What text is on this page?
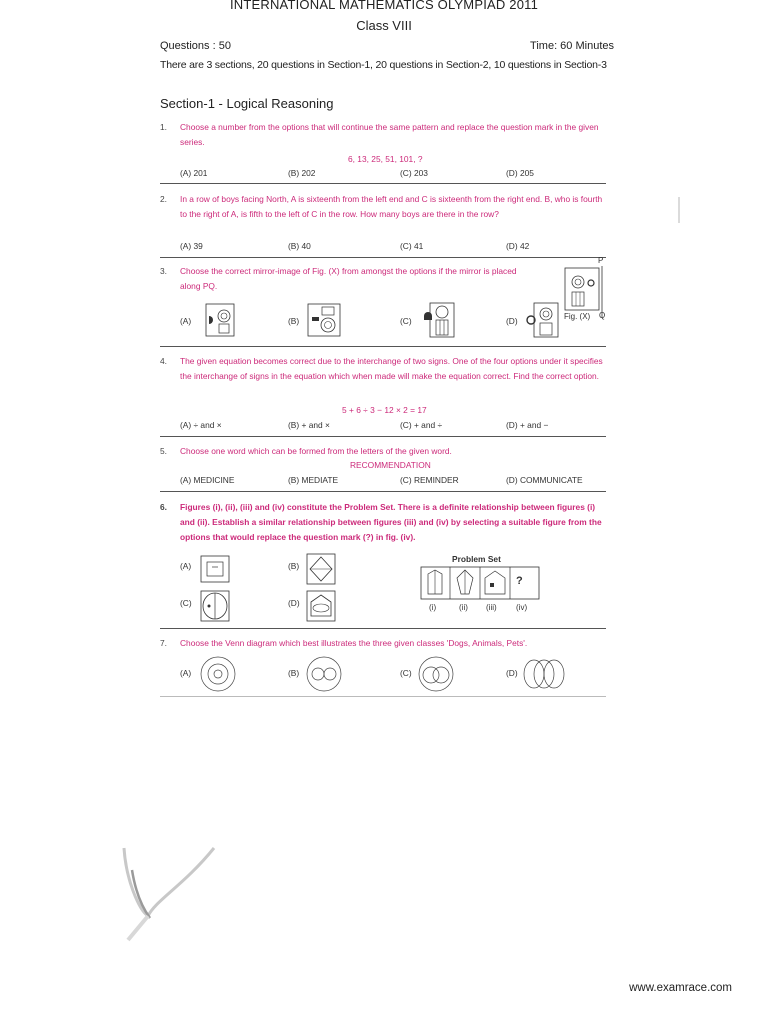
INTERNATIONAL MATHEMATICS OLYMPIAD 2011
Class VIII
Questions : 50	Time: 60 Minutes
There are 3 sections, 20 questions in Section-1, 20 questions in Section-2, 10 questions in Section-3
Section-1 - Logical Reasoning
1. Choose a number from the options that will continue the same pattern and replace the question mark in the given series.
6, 13, 25, 51, 101, ?
(A) 201	(B) 202	(C) 203	(D) 205
2. In a row of boys facing North, A is sixteenth from the left end and C is sixteenth from the right end. B, who is fourth to the right of A, is fifth to the left of C in the row. How many boys are there in the row?
(A) 39	(B) 40	(C) 41	(D) 42
3. Choose the correct mirror-image of Fig. (X) from amongst the options if the mirror is placed along PQ.
(A)	(B)	(C)	(D)
P
Q
Fig. (X)
4. The given equation becomes correct due to the interchange of two signs. One of the four options under it specifies the interchange of signs in the equation which when made will make the equation correct. Find the correct option.
5 + 6 ÷ 3 − 12 × 2 = 17
(A) ÷ and ×	(B) + and ×	(C) + and ÷	(D) + and −
5. Choose one word which can be formed from the letters of the given word.
RECOMMENDATION
(A) MEDICINE	(B) MEDIATE	(C) REMINDER	(D) COMMUNICATE
6. Figures (i), (ii), (iii) and (iv) constitute the Problem Set. There is a definite relationship between figures (i) and (ii). Establish a similar relationship between figures (iii) and (iv) by selecting a suitable figure from the options that would replace the question mark (?) in fig. (iv).
(A)	(B)
(C)	(D)
Problem Set
?
(i)	(ii) (iii) (iv)
7. Choose the Venn diagram which best illustrates the three given classes 'Dogs, Animals, Pets'.
(A)	(B)	(C)	(D)
www.examrace.com
